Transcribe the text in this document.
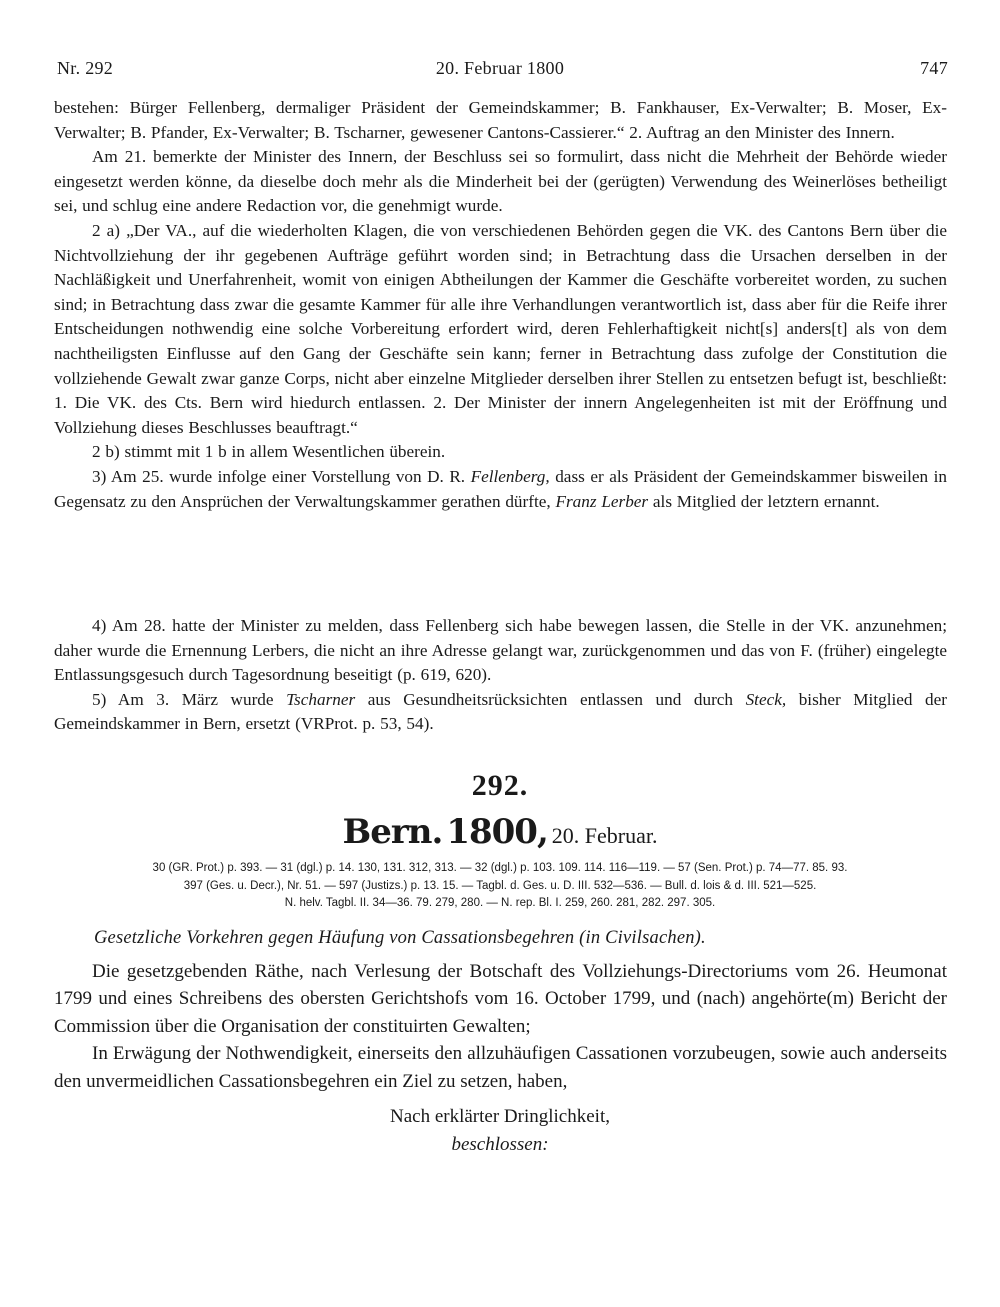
Nr. 292	20. Februar 1800	747

bestehen: Bürger Fellenberg, dermaliger Präsident der Gemeindskammer; B. Fankhauser, Ex-Verwalter; B. Moser, Ex-Verwalter; B. Pfander, Ex-Verwalter; B. Tscharner, gewesener Cantons-Cassierer.“ 2. Auftrag an den Minister des Innern.

Am 21. bemerkte der Minister des Innern, der Beschluss sei so formulirt, dass nicht die Mehrheit der Behörde wieder eingesetzt werden könne, da dieselbe doch mehr als die Minderheit bei der (gerügten) Verwendung des Weinerlöses betheiligt sei, und schlug eine andere Redaction vor, die genehmigt wurde.

2 a) „Der VA., auf die wiederholten Klagen, die von verschiedenen Behörden gegen die VK. des Cantons Bern über die Nichtvollziehung der ihr gegebenen Aufträge geführt worden sind; in Betrachtung dass die Ursachen derselben in der Nachläßigkeit und Unerfahrenheit, womit von einigen Abtheilungen der Kammer die Geschäfte vorbereitet worden, zu suchen sind; in Betrachtung dass zwar die gesamte Kammer für alle ihre Verhandlungen verantwortlich ist, dass aber für die Reife ihrer Entscheidungen nothwendig eine solche Vorbereitung erfordert wird, deren Fehlerhaftigkeit nicht[s] anders[t] als von dem nachtheiligsten Einflusse auf den Gang der Geschäfte sein kann; ferner in Betrachtung dass zufolge der Constitution die vollziehende Gewalt zwar ganze Corps, nicht aber einzelne Mitglieder derselben ihrer Stellen zu entsetzen befugt ist, beschließt: 1. Die VK. des Cts. Bern wird hiedurch entlassen. 2. Der Minister der innern Angelegenheiten ist mit der Eröffnung und Vollziehung dieses Beschlusses beauftragt.“

2 b) stimmt mit 1 b in allem Wesentlichen überein.

3) Am 25. wurde infolge einer Vorstellung von D. R. Fellenberg, dass er als Präsident der Gemeindskammer bisweilen in Gegensatz zu den Ansprüchen der Verwaltungskammer gerathen dürfte, Franz Lerber als Mitglied der letztern ernannt.

4) Am 28. hatte der Minister zu melden, dass Fellenberg sich habe bewegen lassen, die Stelle in der VK. anzunehmen; daher wurde die Ernennung Lerbers, die nicht an ihre Adresse gelangt war, zurückgenommen und das von F. (früher) eingelegte Entlassungsgesuch durch Tagesordnung beseitigt (p. 619, 620).

5) Am 3. März wurde Tscharner aus Gesundheitsrücksichten entlassen und durch Steck, bisher Mitglied der Gemeindskammer in Bern, ersetzt (VRProt. p. 53, 54).

292.
Bern. 1800, 20. Februar.
30 (GR. Prot.) p. 393. — 31 (dgl.) p. 14. 130, 131. 312, 313. — 32 (dgl.) p. 103. 109. 114. 116—119. — 57 (Sen. Prot.) p. 74—77. 85. 93.
397 (Ges. u. Decr.), Nr. 51. — 597 (Justizs.) p. 13. 15. — Tagbl. d. Ges. u. D. III. 532—536. — Bull. d. lois & d. III. 521—525.
N. helv. Tagbl. II. 34—36. 79. 279, 280. — N. rep. Bl. I. 259, 260. 281, 282. 297. 305.
Gesetzliche Vorkehren gegen Häufung von Cassationsbegehren (in Civilsachen).

Die gesetzgebenden Räthe, nach Verlesung der Botschaft des Vollziehungs-Directoriums vom 26. Heumonat 1799 und eines Schreibens des obersten Gerichtshofs vom 16. October 1799, und (nach) angehörte(m) Bericht der Commission über die Organisation der constituirten Gewalten;

In Erwägung der Nothwendigkeit, einerseits den allzuhäufigen Cassationen vorzubeugen, sowie auch anderseits den unvermeidlichen Cassationsbegehren ein Ziel zu setzen, haben,

Nach erklärter Dringlichkeit,
beschlossen:
